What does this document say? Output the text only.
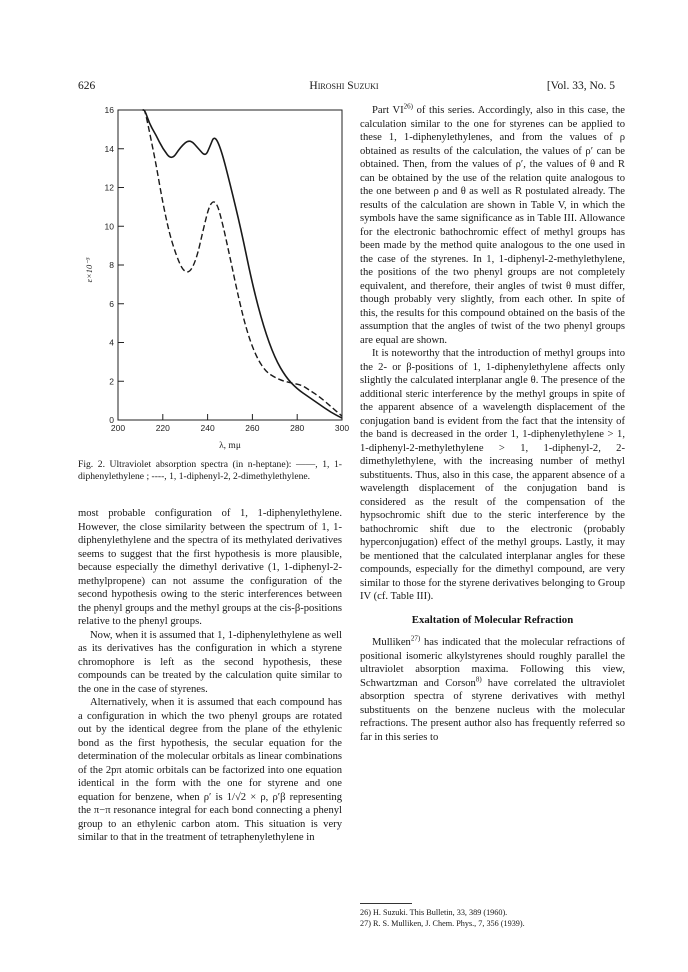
626	Hiroshi Suzuki	[Vol. 33, No. 5
0
2
4
6
8
10
12
14
16
200	220	240	260	280	300
ε×10⁻³
λ, mμ
Fig. 2. Ultraviolet absorption spectra (in n-heptane): ——, 1, 1-diphenylethylene ; ----, 1, 1-diphenyl-2, 2-dimethylethylene.

most probable configuration of 1, 1-diphenylethylene. However, the close similarity between the spectrum of 1, 1-diphenylethylene and the spectra of its methylated derivatives seems to suggest that the first hypothesis is more plausible, because especially the dimethyl derivative (1, 1-diphenyl-2-methylpropene) can not assume the configuration of the second hypothesis owing to the steric interferences between the phenyl groups and the methyl groups at the cis-β-positions relative to the phenyl groups.

Now, when it is assumed that 1, 1-diphenylethylene as well as its derivatives has the configuration in which a styrene chromophore is left as the second hypothesis, these compounds can be treated by the calculation quite similar to the one in the case of styrenes.

Alternatively, when it is assumed that each compound has a configuration in which the two phenyl groups are rotated out by the identical degree from the plane of the ethylenic bond as the first hypothesis, the secular equation for the determination of the molecular orbitals as linear combinations of the 2pπ atomic orbitals can be factorized into one equation identical in the form with the one for styrene and one equation for benzene, when ρ′ is 1/√2 × ρ, ρ′β representing the π−π resonance integral for each bond connecting a phenyl group to an ethylenic carbon atom. This situation is very similar to that in the treatment of tetraphenylethylene in

Part VI$^{26)}$ of this series. Accordingly, also in this case, the calculation similar to the one for styrenes can be applied to these 1, 1-diphenylethylenes, and from the values of ρ obtained as results of the calculation, the values of ρ′ can be obtained. Then, from the values of ρ′, the values of θ and R can be obtained by the use of the relation quite analogous to the one between ρ and θ as well as R postulated already. The results of the calculation are shown in Table V, in which the symbols have the same significance as in Table III. Allowance for the electronic bathochromic effect of methyl groups has been made by the method quite analogous to the one used in the case of the styrenes. In 1, 1-diphenyl-2-methylethylene, the positions of the two phenyl groups are not completely equivalent, and therefore, their angles of twist θ must differ, though probably very slightly, from each other. In spite of this, the results for this compound obtained on the basis of the assumption that the angles of twist of the two phenyl groups are equal are shown.

It is noteworthy that the introduction of methyl groups into the 2- or β-positions of 1, 1-diphenylethylene affects only slightly the calculated interplanar angle θ. The presence of the additional steric interference by the methyl groups in spite of the apparent absence of a wavelength displacement of the conjugation band is evident from the fact that the intensity of the band is decreased in the order 1, 1-diphenylethylene > 1, 1-diphenyl-2-methylethylene > 1, 1-diphenyl-2, 2-dimethylethylene, with the increasing number of methyl substituents. Thus, also in this case, the apparent absence of a wavelength displacement of the conjugation band is considered as the result of the compensation of the hypsochromic shift due to the steric interference by the bathochromic shift due to the electronic (probably hyperconjugation) effect of the methyl groups. Lastly, it may be mentioned that the calculated interplanar angles for these compounds, especially for the dimethyl compound, are very similar to those for the styrene derivatives belonging to Group IV (cf. Table III).

Exaltation of Molecular Refraction

Mulliken$^{27)}$ has indicated that the molecular refractions of positional isomeric alkylstyrenes should roughly parallel the ultraviolet absorption maxima. Following this view, Schwartzman and Corson$^{8)}$ have correlated the ultraviolet absorption spectra of styrene derivatives with methyl substituents on the benzene nucleus with the molecular refractions. The present author also has frequently referred so far in this series to

26) H. Suzuki. This Bulletin, 33, 389 (1960).
27) R. S. Mulliken, J. Chem. Phys., 7, 356 (1939).
